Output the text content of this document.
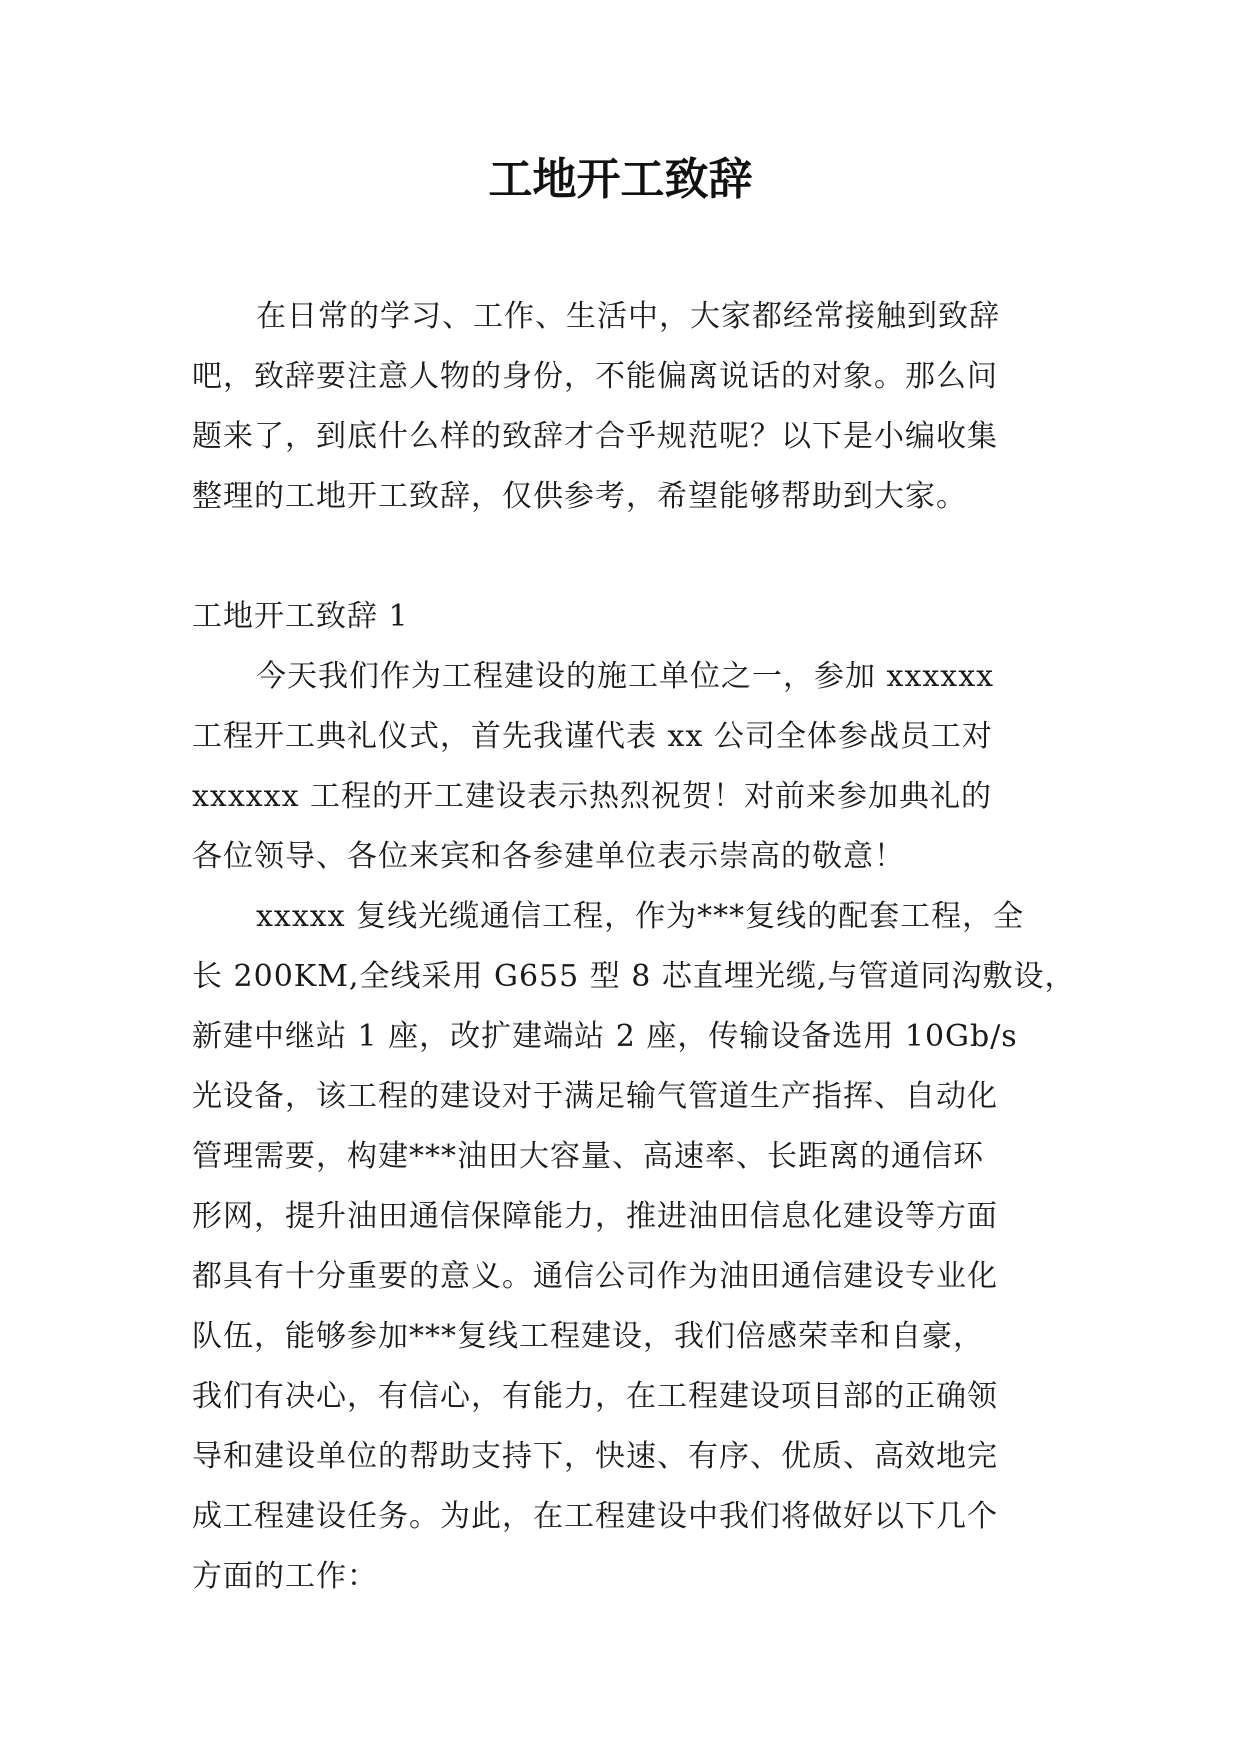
工地开工致辞
在日常的学习、工作、生活中，大家都经常接触到致辞
吧，致辞要注意人物的身份，不能偏离说话的对象。那么问
题来了，到底什么样的致辞才合乎规范呢？以下是小编收集
整理的工地开工致辞，仅供参考，希望能够帮助到大家。
工地开工致辞 1
今天我们作为工程建设的施工单位之一，参加 xxxxxx
工程开工典礼仪式，首先我谨代表 xx 公司全体参战员工对
xxxxxx 工程的开工建设表示热烈祝贺！对前来参加典礼的
各位领导、各位来宾和各参建单位表示崇高的敬意！
xxxxx 复线光缆通信工程，作为***复线的配套工程，全
长 200KM,全线采用 G655 型 8 芯直埋光缆,与管道同沟敷设，
新建中继站 1 座，改扩建端站 2 座，传输设备选用 10Gb/s
光设备，该工程的建设对于满足输气管道生产指挥、自动化
管理需要，构建***油田大容量、高速率、长距离的通信环
形网，提升油田通信保障能力，推进油田信息化建设等方面
都具有十分重要的意义。通信公司作为油田通信建设专业化
队伍，能够参加***复线工程建设，我们倍感荣幸和自豪，
我们有决心，有信心，有能力，在工程建设项目部的正确领
导和建设单位的帮助支持下，快速、有序、优质、高效地完
成工程建设任务。为此，在工程建设中我们将做好以下几个
方面的工作：
